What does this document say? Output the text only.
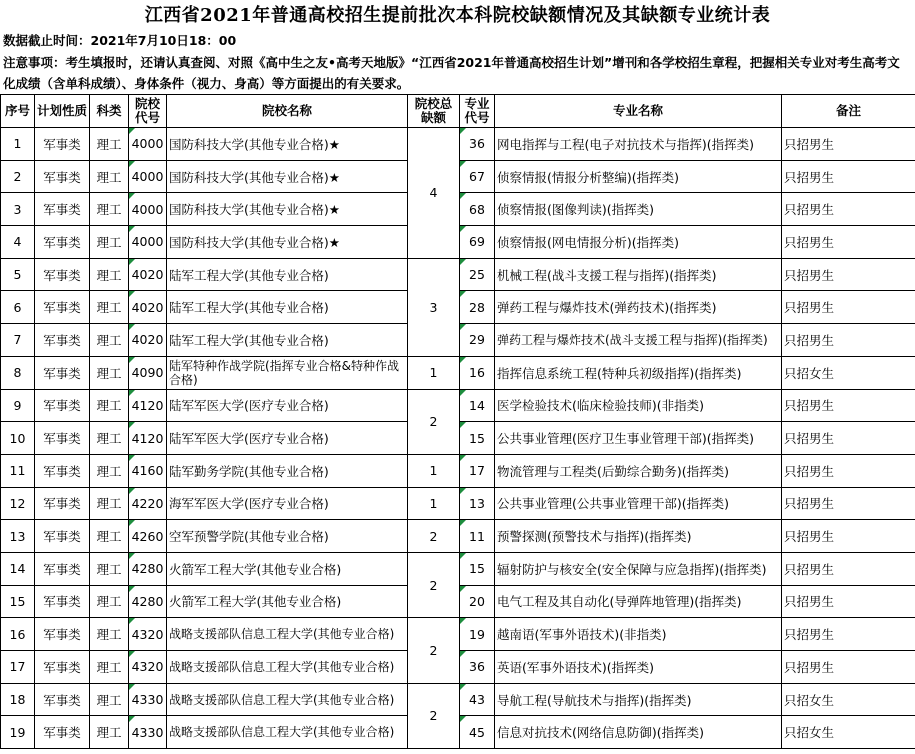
江西省2021年普通高校招生提前批次本科院校缺额情况及其缺额专业统计表
数据截止时间：2021年7月10日18：00
注意事项：考生填报时，还请认真查阅、对照《高中生之友•高考天地版》“江西省2021年普通高校招生计划”增刊和各学校招生章程，把握相关专业对考生高考文化成绩（含单科成绩）、身体条件（视力、身高）等方面提出的有关要求。
序号	计划性质	科类	院校代号	院校名称	院校总缺额	专业代号	专业名称	备注
1	军事类	理工	4000	国防科技大学(其他专业合格)★	4	36	网电指挥与工程(电子对抗技术与指挥)(指挥类)	只招男生
2	军事类	理工	4000	国防科技大学(其他专业合格)★		67	侦察情报(情报分析整编)(指挥类)	只招男生
3	军事类	理工	4000	国防科技大学(其他专业合格)★		68	侦察情报(图像判读)(指挥类)	只招男生
4	军事类	理工	4000	国防科技大学(其他专业合格)★		69	侦察情报(网电情报分析)(指挥类)	只招男生
5	军事类	理工	4020	陆军工程大学(其他专业合格)	3	25	机械工程(战斗支援工程与指挥)(指挥类)	只招男生
6	军事类	理工	4020	陆军工程大学(其他专业合格)		28	弹药工程与爆炸技术(弹药技术)(指挥类)	只招男生
7	军事类	理工	4020	陆军工程大学(其他专业合格)		29	弹药工程与爆炸技术(战斗支援工程与指挥)(指挥类)	只招男生
8	军事类	理工	4090	陆军特种作战学院(指挥专业合格&特种作战合格)	1	16	指挥信息系统工程(特种兵初级指挥)(指挥类)	只招女生
9	军事类	理工	4120	陆军军医大学(医疗专业合格)	2	14	医学检验技术(临床检验技师)(非指类)	只招男生
10	军事类	理工	4120	陆军军医大学(医疗专业合格)		15	公共事业管理(医疗卫生事业管理干部)(指挥类)	只招男生
11	军事类	理工	4160	陆军勤务学院(其他专业合格)	1	17	物流管理与工程类(后勤综合勤务)(指挥类)	只招男生
12	军事类	理工	4220	海军军医大学(医疗专业合格)	1	13	公共事业管理(公共事业管理干部)(指挥类)	只招男生
13	军事类	理工	4260	空军预警学院(其他专业合格)	2	11	预警探测(预警技术与指挥)(指挥类)	只招男生
14	军事类	理工	4280	火箭军工程大学(其他专业合格)	2	15	辐射防护与核安全(安全保障与应急指挥)(指挥类)	只招男生
15	军事类	理工	4280	火箭军工程大学(其他专业合格)		20	电气工程及其自动化(导弹阵地管理)(指挥类)	只招男生
16	军事类	理工	4320	战略支援部队信息工程大学(其他专业合格)	2	19	越南语(军事外语技术)(非指类)	只招男生
17	军事类	理工	4320	战略支援部队信息工程大学(其他专业合格)		36	英语(军事外语技术)(指挥类)	只招男生
18	军事类	理工	4330	战略支援部队信息工程大学(其他专业合格)	2	43	导航工程(导航技术与指挥)(指挥类)	只招女生
19	军事类	理工	4330	战略支援部队信息工程大学(其他专业合格)		45	信息对抗技术(网络信息防御)(指挥类)	只招女生
